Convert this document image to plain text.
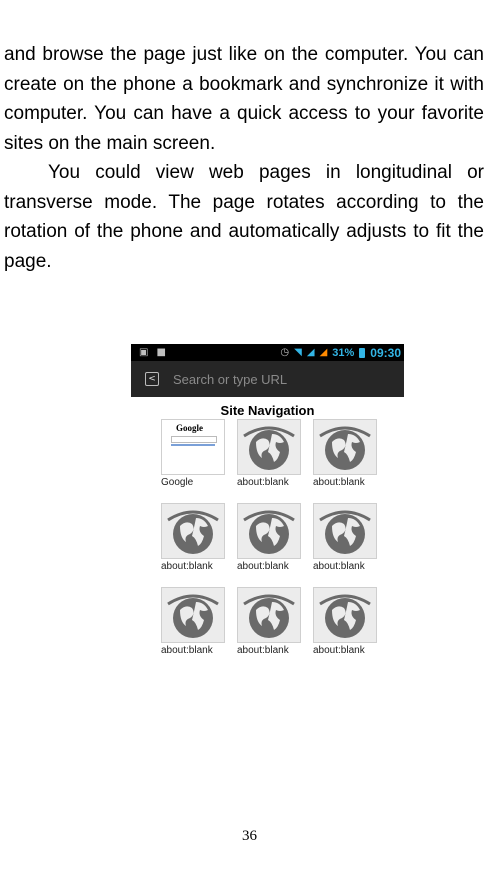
and browse the page just like on the computer. You can create on the phone a bookmark and synchronize it with computer. You can have a quick access to your favorite sites on the main screen.

You could view web pages in longitudinal or transverse mode. The page rotates according to the rotation of the phone and automatically adjusts to fit the page.

▣ ■	◷ ◥ ◢ ◢ 31% 09:30
< Search or type URL
Site Navigation
Google
Google	about:blank	about:blank
about:blank	about:blank	about:blank
about:blank	about:blank	about:blank
36
